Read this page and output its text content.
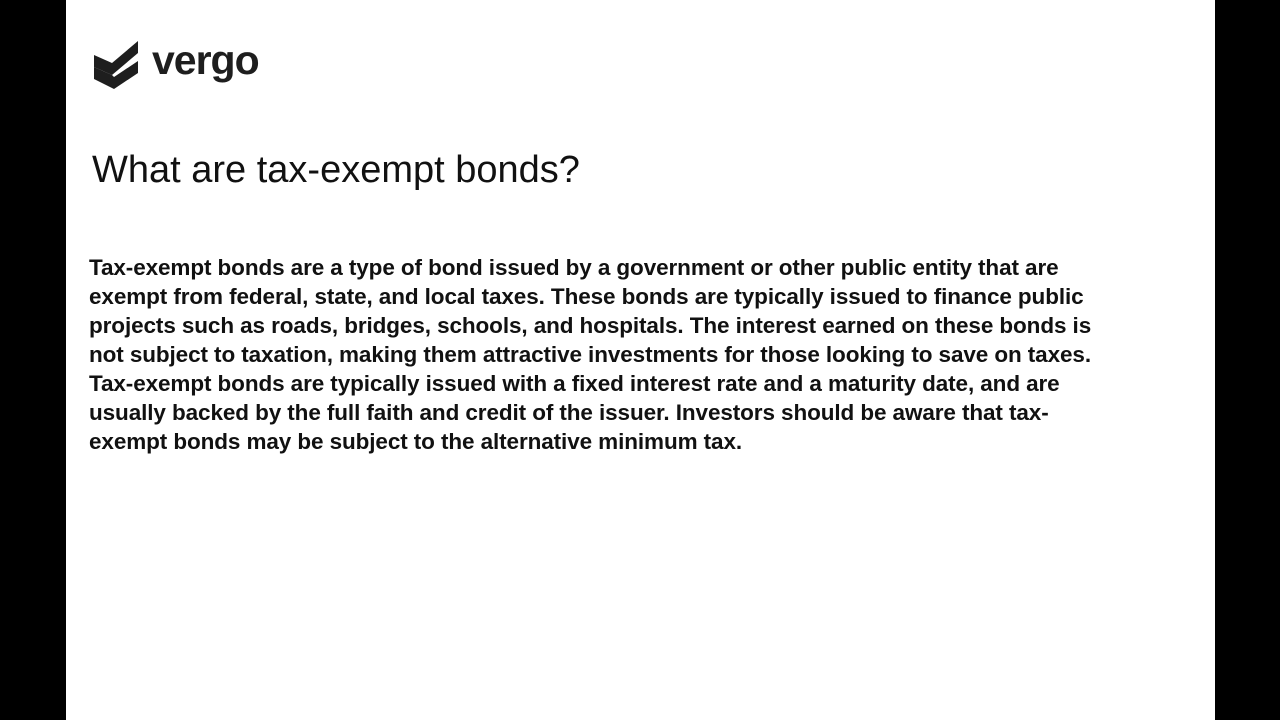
vergo
What are tax-exempt bonds?

Tax-exempt bonds are a type of bond issued by a government or other public entity that are exempt from federal, state, and local taxes. These bonds are typically issued to finance public projects such as roads, bridges, schools, and hospitals. The interest earned on these bonds is not subject to taxation, making them attractive investments for those looking to save on taxes. Tax-exempt bonds are typically issued with a fixed interest rate and a maturity date, and are usually backed by the full faith and credit of the issuer. Investors should be aware that tax-exempt bonds may be subject to the alternative minimum tax.
